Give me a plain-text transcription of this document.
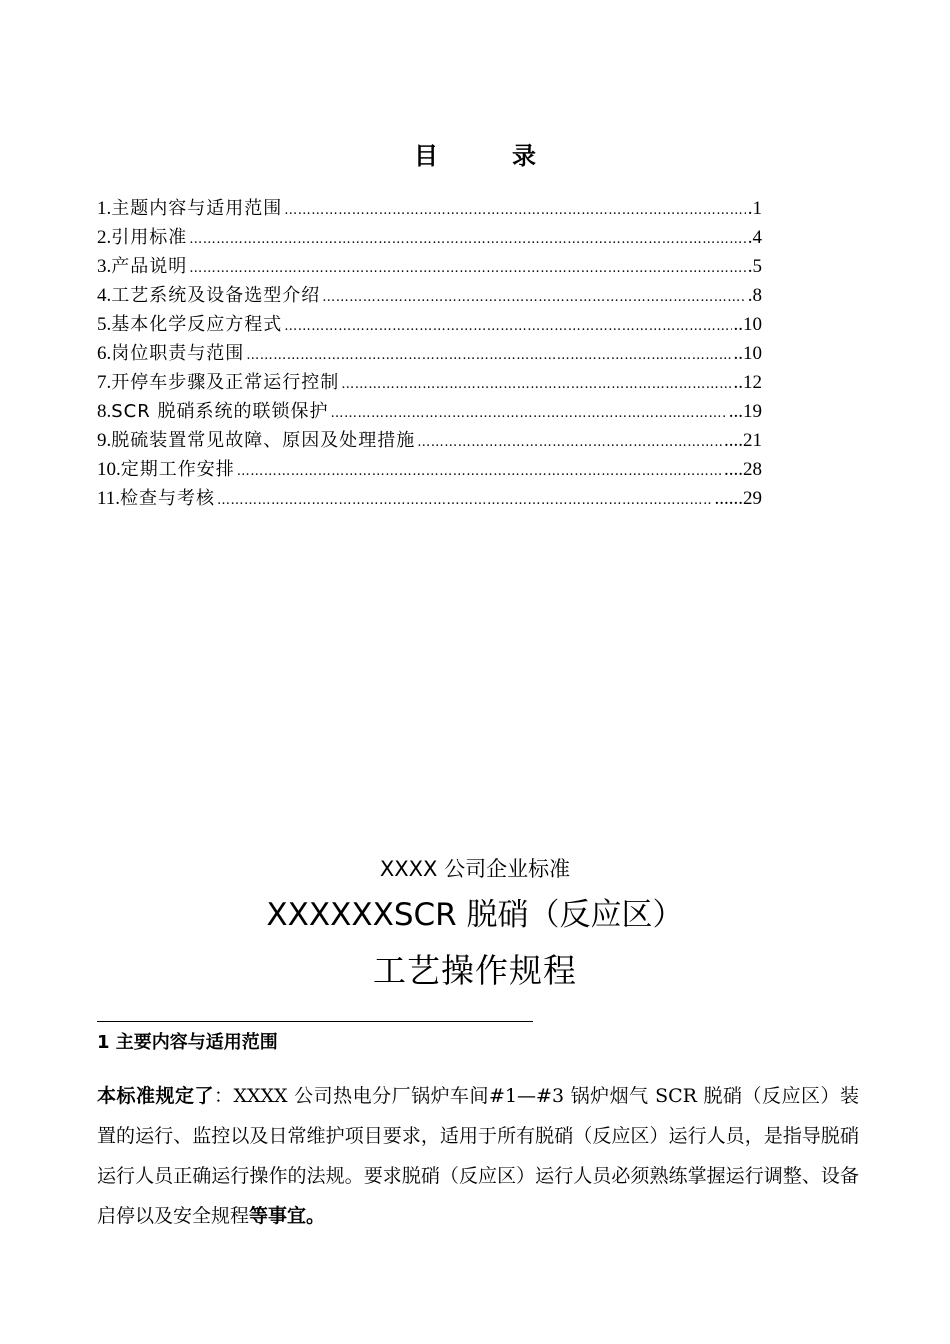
目	录
1.主题内容与适用范围 …………………………………………………………………………………………………………………………………………	.1
2.引用标准 …………………………………………………………………………………………………………………………………………	.4
3.产品说明 …………………………………………………………………………………………………………………………………………	.5
4.工艺系统及设备选型介绍 …………………………………………………………………………………………………………………………………………	.8
5.基本化学反应方程式 …………………………………………………………………………………………………………………………………………	..10
6.岗位职责与范围 …………………………………………………………………………………………………………………………………………	..10
7.开停车步骤及正常运行控制 …………………………………………………………………………………………………………………………………………	..12
8.SCR 脱硝系统的联锁保护 …………………………………………………………………………………………………………………………………………	...19
9.脱硫装置常见故障、原因及处理措施 …………………………………………………………………………………………………………………………………………	....21
10.定期工作安排 …………………………………………………………………………………………………………………………………………	....28
11.检查与考核 …………………………………………………………………………………………………………………………………………	......29
XXXX 公司企业标准
XXXXXXSCR 脱硝（反应区）
工艺操作规程
1 主要内容与适用范围
本标准规定了：XXXX 公司热电分厂锅炉车间#1—#3 锅炉烟气 SCR 脱硝（反应区）装置的运行、监控以及日常维护项目要求，适用于所有脱硝（反应区）运行人员，是指导脱硝运行人员正确运行操作的法规。要求脱硝（反应区）运行人员必须熟练掌握运行调整、设备启停以及安全规程等事宜。
